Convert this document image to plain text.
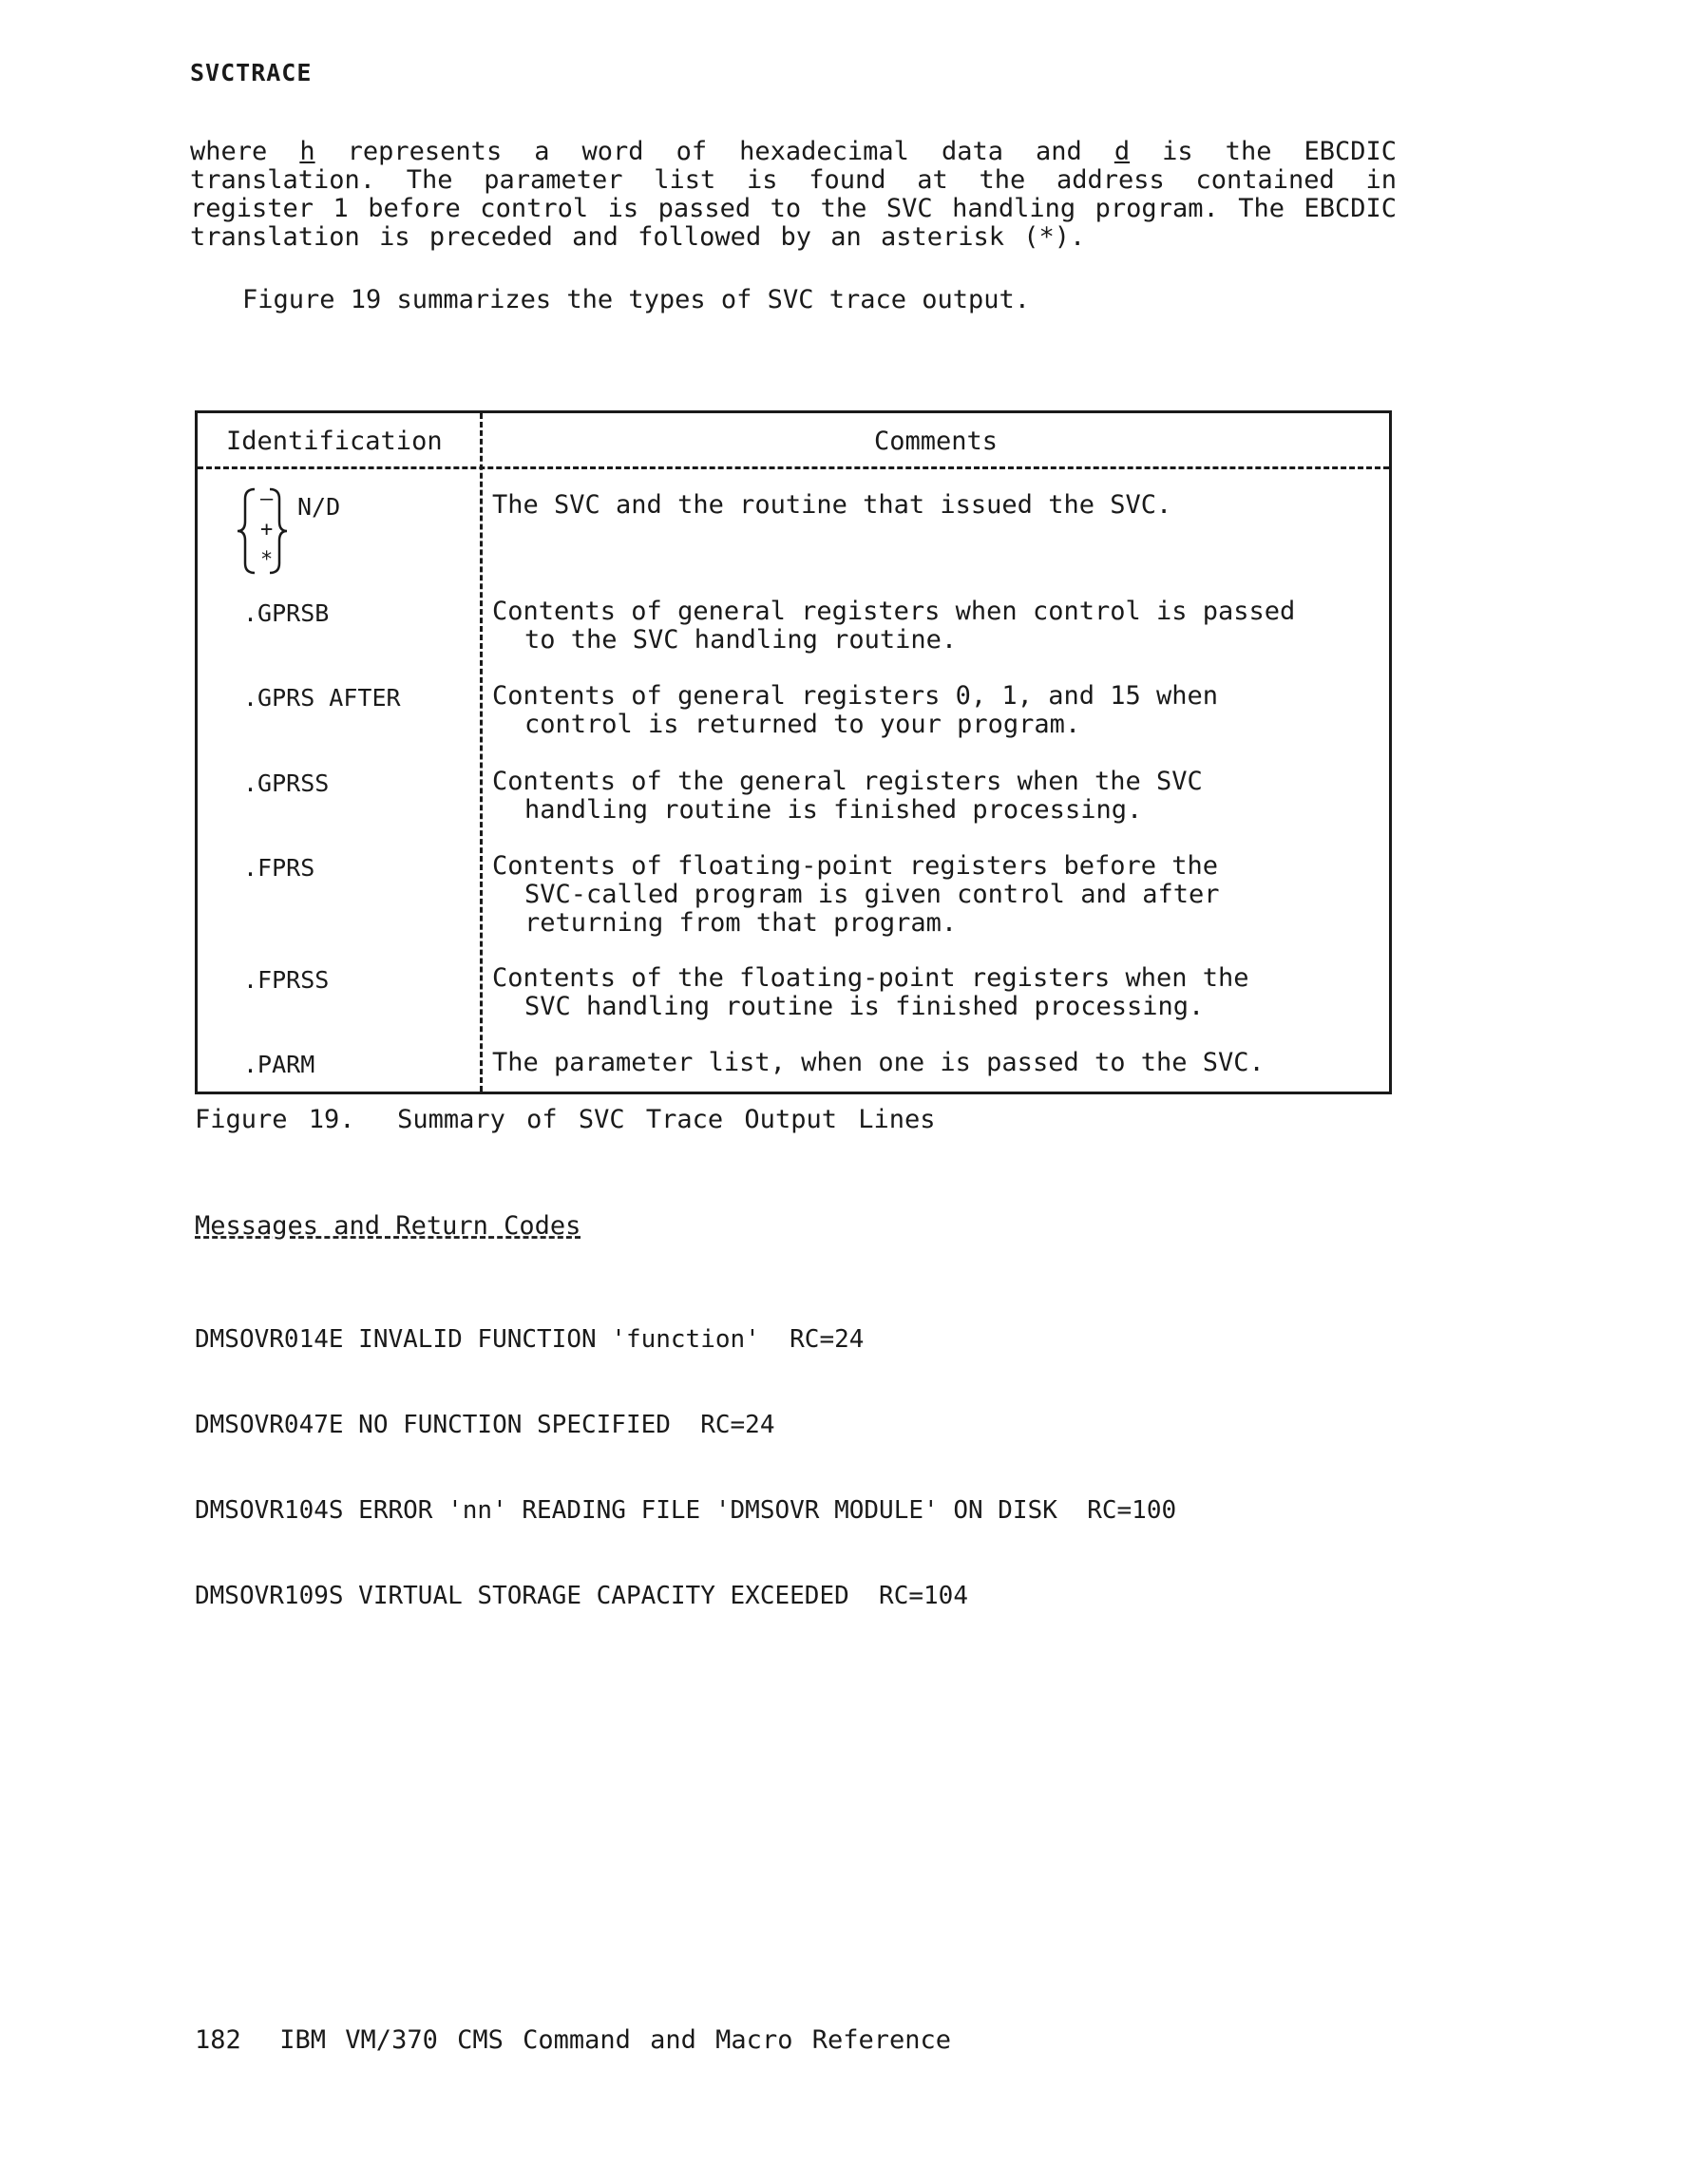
SVCTRACE

where h represents a word of hexadecimal data and d is the EBCDIC translation. The parameter list is found at the address contained in register 1 before control is passed to the SVC handling program. The EBCDIC translation is preceded and followed by an asterisk (*).

Figure 19 summarizes the types of SVC trace output.
Identification	Comments
–
+
*
N/D	The SVC and the routine that issued the SVC.
.GPRSB	Contents of general registers when control is passed
to the SVC handling routine.
.GPRS AFTER	Contents of general registers 0, 1, and 15 when
control is returned to your program.
.GPRSS	Contents of the general registers when the SVC
handling routine is finished processing.
.FPRS	Contents of floating-point registers before the
SVC-called program is given control and after
returning from that program.
.FPRSS	Contents of the floating-point registers when the
SVC handling routine is finished processing.
.PARM	The parameter list, when one is passed to the SVC.
Figure 19.  Summary of SVC Trace Output Lines
Messages and Return Codes

DMSOVR014E INVALID FUNCTION 'function'  RC=24

DMSOVR047E NO FUNCTION SPECIFIED  RC=24

DMSOVR104S ERROR 'nn' READING FILE 'DMSOVR MODULE' ON DISK  RC=100

DMSOVR109S VIRTUAL STORAGE CAPACITY EXCEEDED  RC=104

182  IBM VM/370 CMS Command and Macro Reference
